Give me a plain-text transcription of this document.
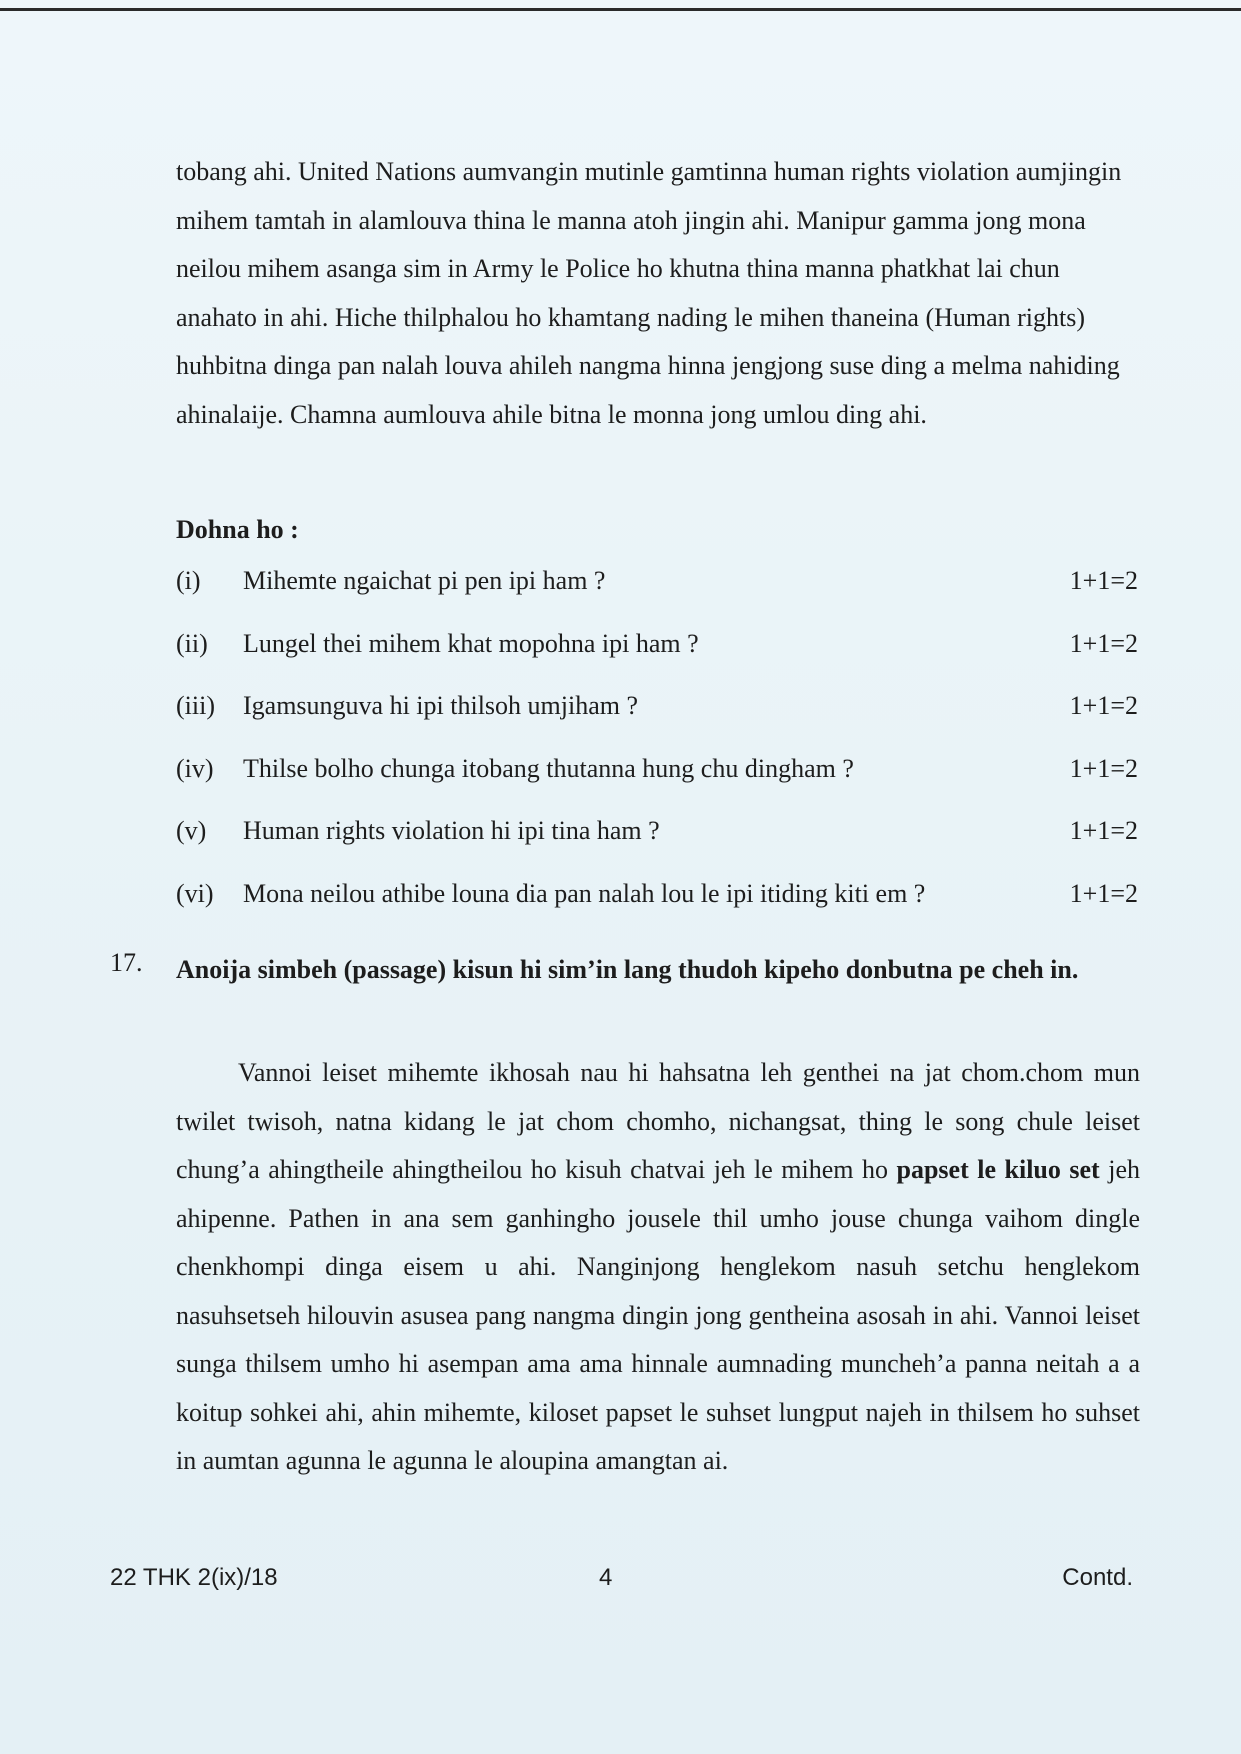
tobang ahi. United Nations aumvangin mutinle gamtinna human rights violation aumjingin mihem tamtah in alamlouva thina le manna atoh jingin ahi. Manipur gamma jong mona neilou mihem asanga sim in Army le Police ho khutna thina manna phatkhat lai chun anahato in ahi. Hiche thilphalou ho khamtang nading le mihen thaneina (Human rights) huhbitna dinga pan nalah louva ahileh nangma hinna jengjong suse ding a melma nahiding ahinalaije. Chamna aumlouva ahile bitna le monna jong umlou ding ahi.

Dohna ho :

(i) Mihemte ngaichat pi pen ipi ham ?	1+1=2
(ii) Lungel thei mihem khat mopohna ipi ham ?	1+1=2
(iii) Igamsunguva hi ipi thilsoh umjiham ?	1+1=2
(iv) Thilse bolho chunga itobang thutanna hung chu dingham ?	1+1=2
(v) Human rights violation hi ipi tina ham ?	1+1=2
(vi) Mona neilou athibe louna dia pan nalah lou le ipi itiding kiti em ?	1+1=2
17. Anoija simbeh (passage) kisun hi sim’in lang thudoh kipeho donbutna pe cheh in.

Vannoi leiset mihemte ikhosah nau hi hahsatna leh genthei na jat chom.chom mun twilet twisoh, natna kidang le jat chom chomho, nichangsat, thing le song chule leiset chung’a ahingtheile ahingtheilou ho kisuh chatvai jeh le mihem ho papset le kiluo set jeh ahipenne. Pathen in ana sem ganhingho jousele thil umho jouse chunga vaihom dingle chenkhompi dinga eisem u ahi. Nanginjong henglekom nasuh setchu henglekom nasuhsetseh hilouvin asusea pang nangma dingin jong gentheina asosah in ahi. Vannoi leiset sunga thilsem umho hi asempan ama ama hinnale aumnading muncheh’a panna neitah a a koitup sohkei ahi, ahin mihemte, kiloset papset le suhset lungput najeh in thilsem ho suhset in aumtan agunna le agunna le aloupina amangtan ai.

22 THK 2(ix)/18	4	Contd.
